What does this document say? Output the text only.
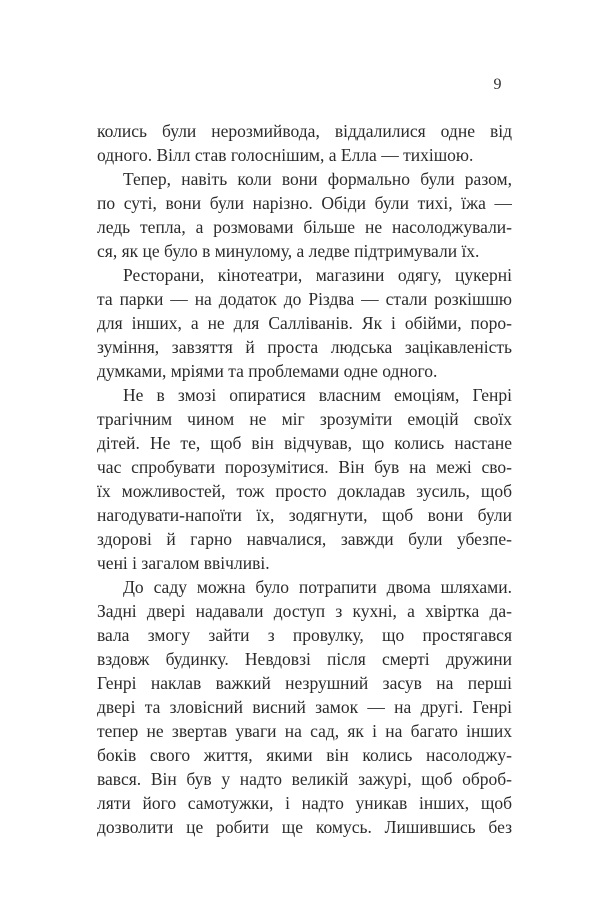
9
колись були нерозмийвода, віддалилися одне від
одного. Вілл став голоснішим, а Елла — тихішою.
Тепер, навіть коли вони формально були разом,
по суті, вони були нарізно. Обіди були тихі, їжа —
ледь тепла, а розмовами більше не насолоджували-
ся, як це було в минулому, а ледве підтримували їх.
Ресторани, кінотеатри, магазини одягу, цукерні
та парки — на додаток до Різдва — стали розкішшю
для інших, а не для Салліванів. Як і обійми, поро-
зуміння, завзяття й проста людська зацікавленість
думками, мріями та проблемами одне одного.
Не в змозі опиратися власним емоціям, Генрі
трагічним чином не міг зрозуміти емоцій своїх
дітей. Не те, щоб він відчував, що колись настане
час спробувати порозумітися. Він був на межі сво-
їх можливостей, тож просто докладав зусиль, щоб
нагодувати-напоїти їх, зодягнути, щоб вони були
здорові й гарно навчалися, завжди були убезпе-
чені і загалом ввічливі.
До саду можна було потрапити двома шляхами.
Задні двері надавали доступ з кухні, а хвіртка да-
вала змогу зайти з провулку, що простягався
вздовж будинку. Невдовзі після смерті дружини
Генрі наклав важкий незрушний засув на перші
двері та зловісний висний замок — на другі. Генрі
тепер не звертав уваги на сад, як і на багато інших
боків свого життя, якими він колись насолоджу-
вався. Він був у надто великій зажурі, щоб оброб-
ляти його самотужки, і надто уникав інших, щоб
дозволити це робити ще комусь. Лишившись без
